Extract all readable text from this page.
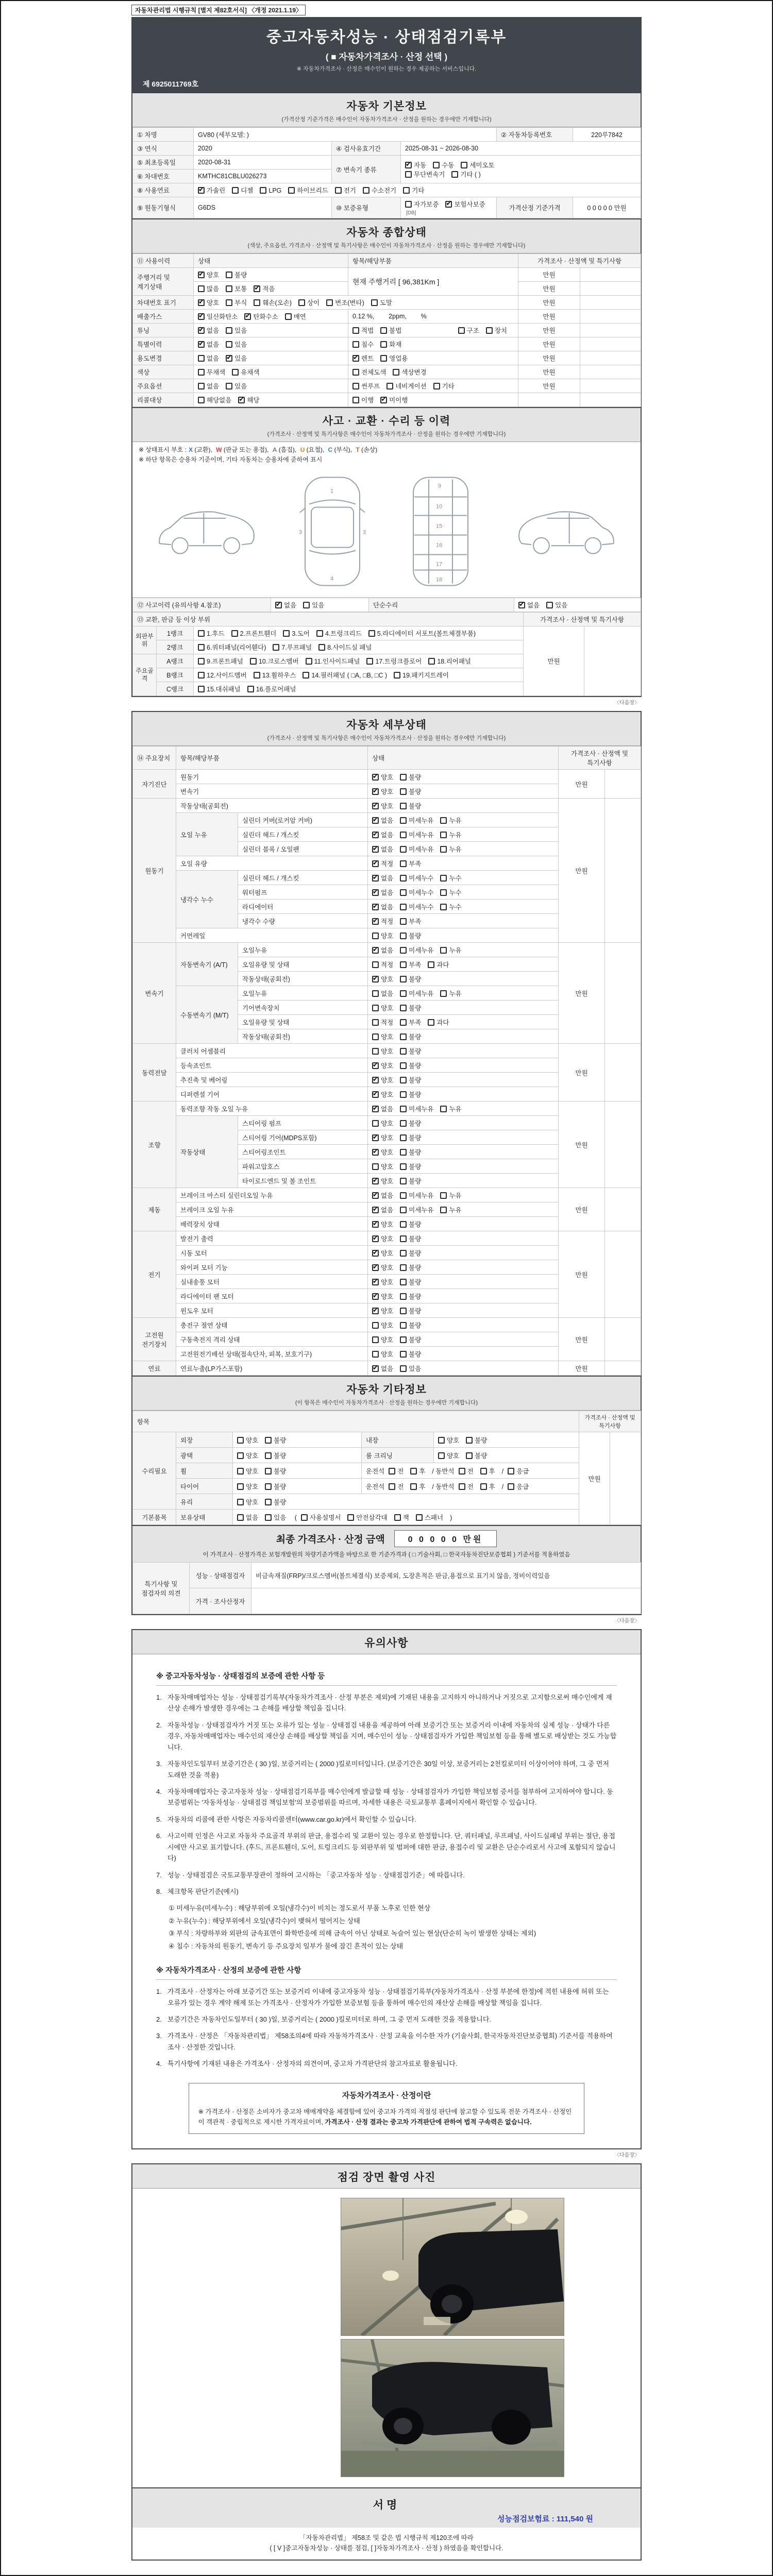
자동차관리법 시행규칙 [별지 제82호서식] 〈개정 2021.1.19〉
중고자동차성능 · 상태점검기록부
( ■ 자동차가격조사 · 산정 선택 )
※ 자동차가격조사 · 산정은 매수인이 원하는 경우 제공하는 서비스입니다.
제 6925011769호
자동차 기본정보
(가격산정 기준가격은 매수인이 자동차가격조사 · 산정을 원하는 경우에만 기재합니다)
① 차명	GV80 (세부모델: )			② 자동차등록번호	220루7842
③ 연식	2020	④ 검사유효기간	2025-08-31 ~ 2026-08-30		
⑤ 최초등록일	2020-08-31	⑦ 변속기 종류	✔자동 수동 세미오토
무단변속기 기타 ( )
⑥ 차대번호	KMTHC81CBLU026273				
⑧ 사용연료	✔가솔린 디젤 LPG 하이브리드 전기 수소전기 기타
⑨ 원동기형식	G6DS	⑩ 보증유형	자가보증 ✔ 보험사보증[DB]	가격산정 기준가격	0 0 0 0 0 만원
자동차 종합상태
(색상, 주요옵션, 가격조사 · 산정액 및 특기사항은 매수인이 자동차가격조사 · 산정을 원하는 경우에만 기재합니다)
⑪ 사용이력	상태	항목/해당부품	가격조사 · 산정액 및 특기사항	
주행거리 및 계기상태	✔양호 불량	현재 주행거리 [ 96,381Km ]	만원	
	많음 보통 ✔ 적음		만원	
차대번호 표기	✔양호 부식 훼손(오손) 상이 변조(변타) 도말		만원	
배출가스	✔일산화탄소 ✔ 탄화수소 매연	0.12 %,        2ppm,        %	만원	
튜닝	✔없음 있음	적법 불법 구조 장치	만원	
특별이력	✔없음 있음	침수 화재	만원	
용도변경	없음 ✔ 있음	✔렌트 영업용	만원	
색상	무채색 유채색	전체도색 색상변경	만원	
주요옵션	없음 있음	썬루프 네비게이션 기타	만원	
리콜대상	해당없음 ✔ 해당	이행 ✔ 미이행		
사고 · 교환 · 수리 등 이력
(가격조사 · 산정액 및 특기사항은 매수인이 자동차가격조사 · 산정을 원하는 경우에만 기재합니다)
※ 상태표시 부호 : X (교환), W (판금 또는 용접), A (흠집), U (요철), C (부식), T (손상)
※ 하단 항목은 승용차 기준이며, 기타 자동차는 승용차에 준하여 표시
1
4
3	3
9
10
15
16
17
18
⑫ 사고이력 (유의사항 4.참조)	✔없음 있음	단순수리	✔없음 있음
⑬ 교환, 판금 등 이상 부위			가격조사 · 산정액 및 특기사항	
외판부위	1랭크	1.후드 2.프론트휀더 3.도어 4.트렁크리드 5.라디에이터 서포트(볼트체결부품)	만원	
	2랭크	6.쿼터패널(리어휀다) 7.루프패널 8.사이드실 패널		
주요골격	A랭크	9.프론트패널 10.크로스멤버 11.인사이드패널 17.트렁크플로어 18.리어패널		
	B랭크	12.사이드멤버 13.휠하우스 14.필러패널 ( □A, □B, □C ) 19.패키지트레이		
	C랭크	15.대쉬패널 16.플로어패널		
〈다음장〉
자동차 세부상태
(가격조사 · 산정액 및 특기사항은 매수인이 자동차가격조사 · 산정을 원하는 경우에만 기재합니다)
⑭ 주요장치	항목/해당부품		상태	가격조사 · 산정액 및 특기사항	
자기진단	원동기	✔양호 불량	만원	
	변속기	✔양호 불량
원동기	작동상태(공회전)	✔양호 불량	만원	
	오일 누유	실린더 커버(로커암 커버)	✔없음 미세누유 누유
		실린더 헤드 / 개스킷	✔없음 미세누유 누유
		실린더 블록 / 오일팬	✔없음 미세누유 누유
	오일 유량	✔적정 부족
	냉각수 누수	실린더 헤드 / 개스킷	✔없음 미세누수 누수
		워터펌프	✔없음 미세누수 누수
		라디에이터	✔없음 미세누수 누수
		냉각수 수량	✔적정 부족
	커먼레일		양호 불량		
변속기	자동변속기 (A/T)	오일누유	✔없음 미세누유 누유	만원	
		오일유량 및 상태	적정 부족 과다		
		작동상태(공회전)	✔양호 불량
	수동변속기 (M/T)	오일누유	없음 미세누유 누유		
		기어변속장치	양호 불량		
		오일유량 및 상태	적정 부족 과다		
		작동상태(공회전)	양호 불량		
동력전달	클러치 어셈블리		양호 불량	만원	
	등속죠인트	✔양호 불량
	추진축 및 베어링	✔양호 불량
	디퍼렌셜 기어	✔양호 불량
조향	동력조향 작동 오일 누유	✔없음 미세누유 누유	만원	
	작동상태	스티어링 펌프	양호 불량		
		스티어링 기어(MDPS포함)	✔양호 불량
		스티어링조인트	✔양호 불량
		파워고압호스	양호 불량		
		타이로드엔드 및 볼 조인트	✔양호 불량
제동	브레이크 마스터 실린더오일 누유	✔없음 미세누유 누유	만원	
	브레이크 오일 누유	✔없음 미세누유 누유
	배력장치 상태	✔양호 불량
전기	발전기 출력	✔양호 불량	만원	
	시동 모터	✔양호 불량
	와이퍼 모터 기능	✔양호 불량
	실내송풍 모터	✔양호 불량
	라디에이터 팬 모터	✔양호 불량
	윈도우 모터	✔양호 불량
고전원 전기장치	충전구 절연 상태		양호 불량	만원	
	구동축전지 격리 상태		양호 불량		
	고전원전기배선 상태(접속단자, 피복, 보호기구)		양호 불량		
연료	연료누출(LP가스포함)	✔없음 있음	만원	
자동차 기타정보
(이 항목은 매수인이 자동차가격조사 · 산정을 원하는 경우에만 기재합니다)
항목					가격조사 · 산정액 및 특기사항	
수리필요	외장	양호 불량	내장	양호 불량	만원	
	광택	양호 불량	룸 크리닝	양호 불량		
	휠	양호 불량	운전석 전 후 / 동반석 전 후 / 응급			
	타이어	양호 불량	운전석 전 후 / 동반석 전 후 / 응급			
	유리	양호 불량				
기본품목	보유상태	없음 있음 ( 사용설명서 안전삼각대 잭 스패너 )				
최종 가격조사 · 산정 금액	0 0 0 0 0 만원
이 가격조사 · 산정가격은 보험개발원의 차량기준가액을 바탕으로 한 기준가격과 ( □ 기술사회, □ 한국자동차진단보증협회 ) 기준서를 적용하였음
특기사항 및 점검자의 의견	성능 · 상태점검자	비금속재질(FRP)/크로스멤버(볼트체결식) 보증제외, 도장흔적은 판금,용접으로 표기치 않음, 정비이력있음
	가격 · 조사산정자	
〈다음장〉
유의사항
※ 중고자동차성능 · 상태점검의 보증에 관한 사항 등
1. 자동차매매업자는 성능 · 상태점검기록부(자동차가격조사 · 산정 부분은 제외)에 기재된 내용을 고지하지 아니하거나 거짓으로 고지함으로써 매수인에게 재산상 손해가 발생한 경우에는 그 손해를 배상할 책임을 집니다.
2. 자동차성능 · 상태점검자가 거짓 또는 오류가 있는 성능 · 상태점검 내용을 제공하여 아래 보증기간 또는 보증거리 이내에 자동차의 실제 성능 · 상태가 다른 경우, 자동차매매업자는 매수인의 재산상 손해를 배상할 책임을 지며, 매수인이 성능 · 상태점검자가 가입한 책임보험 등을 통해 별도로 배상받는 것도 가능합니다.
3. 자동차인도일부터 보증기간은 ( 30 )일, 보증거리는 ( 2000 )킬로미터입니다. (보증기간은 30일 이상, 보증거리는 2천킬로미터 이상이어야 하며, 그 중 먼저 도래한 것을 적용)
4. 자동차매매업자는 중고자동차 성능 · 상태점검기록부를 매수인에게 발급할 때 성능 · 상태점검자가 가입한 책임보험 증서를 첨부하여 고지하여야 합니다. 동 보증범위는 '자동차성능 · 상태점검 책임보험'의 보증범위를 따르며, 자세한 내용은 국토교통부 홈페이지에서 확인할 수 있습니다.
5. 자동차의 리콜에 관한 사항은 자동차리콜센터(www.car.go.kr)에서 확인할 수 있습니다.
6. 사고이력 인정은 사고로 자동차 주요골격 부위의 판금, 용접수리 및 교환이 있는 경우로 한정합니다. 단, 쿼터패널, 루프패널, 사이드실패널 부위는 절단, 용접 시에만 사고로 표기합니다. (후드, 프론트휀더, 도어, 트렁크리드 등 외판부위 및 범퍼에 대한 판금, 용접수리 및 교환은 단순수리로서 사고에 포함되지 않습니다)
7. 성능 · 상태점검은 국토교통부장관이 정하여 고시하는 「중고자동차 성능 · 상태점검기준」에 따릅니다.
8. 체크항목 판단기준(예시)
① 미세누유(미세누수) : 해당부위에 오일(냉각수)이 비치는 정도로서 부품 노후로 인한 현상
② 누유(누수) : 해당부위에서 오일(냉각수)이 맺혀서 떨어지는 상태
③ 부식 : 차량하부와 외판의 금속표면이 화학반응에 의해 금속이 아닌 상태로 녹슬어 있는 현상(단순히 녹이 발생한 상태는 제외)
④ 침수 : 자동차의 원동기, 변속기 등 주요장치 일부가 물에 잠긴 흔적이 있는 상태
※ 자동차가격조사 · 산정의 보증에 관한 사항
1. 가격조사 · 산정자는 아래 보증기간 또는 보증거리 이내에 중고자동차 성능 · 상태점검기록부(자동차가격조사 · 산정 부분에 한정)에 적힌 내용에 허위 또는 오류가 있는 경우 계약 해제 또는 가격조사 · 산정자가 가입한 보증보험 등을 통하여 매수인의 재산상 손해를 배상할 책임을 집니다.
2. 보증기간은 자동차인도일부터 ( 30 )일, 보증거리는 ( 2000 )킬로미터로 하며, 그 중 먼저 도래한 것을 적용합니다.
3. 가격조사 · 산정은 「자동차관리법」 제58조의4에 따라 자동차가격조사 · 산정 교육을 이수한 자가 (기술사회, 한국자동차진단보증협회) 기준서를 적용하여 조사 · 산정한 것입니다.
4. 특기사항에 기재된 내용은 가격조사 · 산정자의 의견이며, 중고차 가격판단의 참고자료로 활용됩니다.
자동차가격조사 · 산정이란
※ 가격조사 · 산정은 소비자가 중고차 매매계약을 체결함에 있어 중고차 가격의 적절성 판단에 참고할 수 있도록 전문 가격조사 · 산정인이 객관적 · 중립적으로 제시한 가격자료이며, 가격조사 · 산정 결과는 중고차 가격판단에 관하여 법적 구속력은 없습니다.
〈다음장〉
점검 장면 촬영 사진
서명
성능점검보험료 : 111,540 원
「자동차관리법」 제58조 및 같은 법 시행규칙 제120조에 따라
( [ V ]중고자동차성능 · 상태를 점검, [ ]자동차가격조사 · 산정 ) 하였음을 확인합니다.
